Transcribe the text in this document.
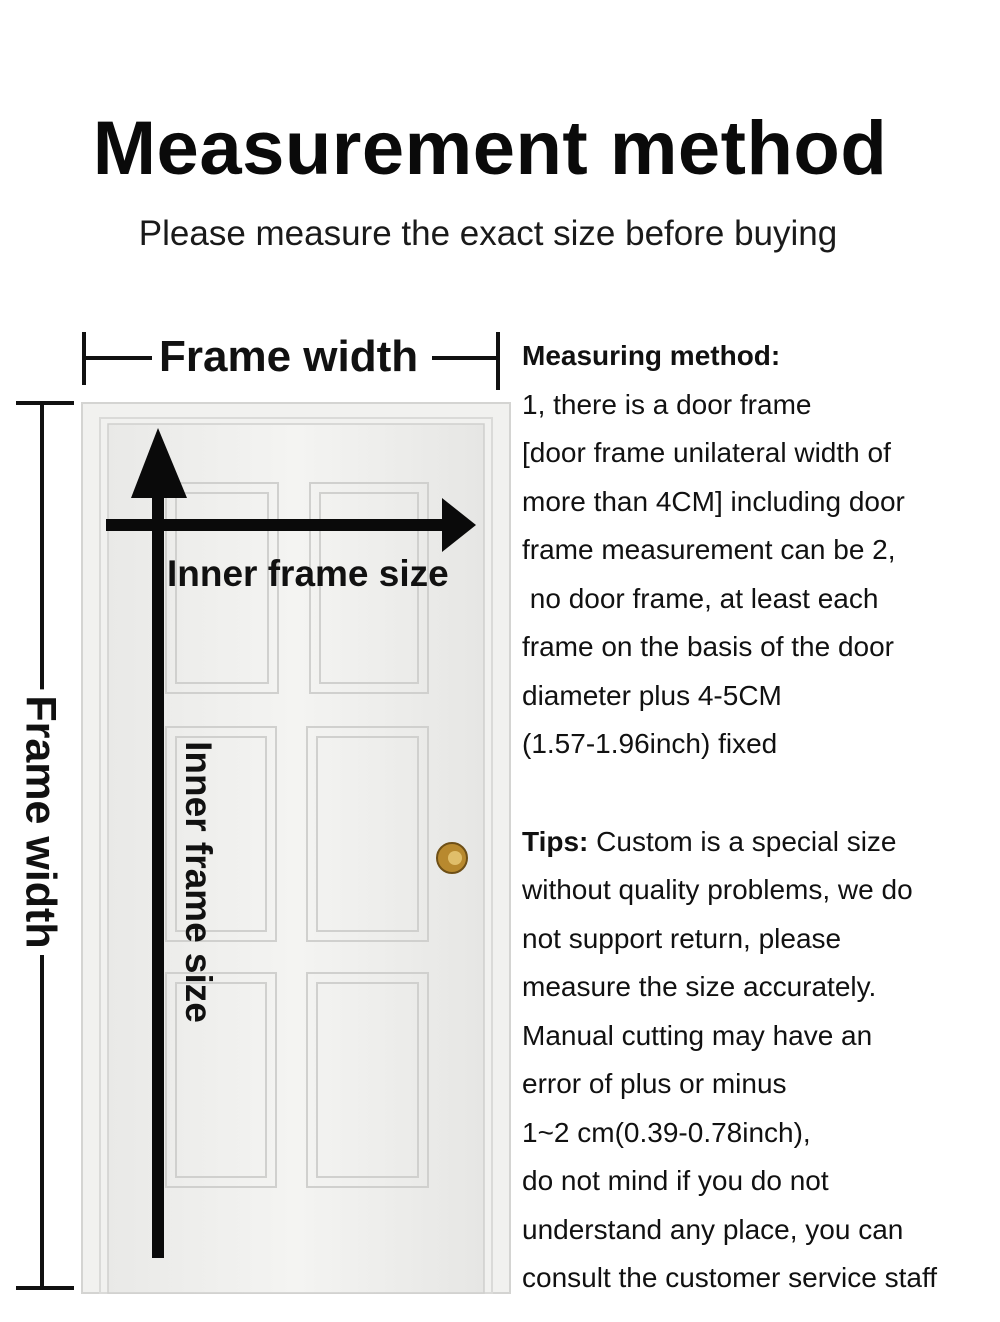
Measurement method
Please measure the exact size before buying
Frame width
Inner frame size
Frame width	Inner frame size
Measuring method:
1, there is a door frame
[door frame unilateral width of
more than 4CM] including door
frame measurement can be 2,
no door frame, at least each
frame on the basis of the door
diameter plus 4-5CM
(1.57-1.96inch) fixed
Tips: Custom is a special size
without quality problems, we do
not support return, please
measure the size accurately.
Manual cutting may have an
error of plus or minus
1~2 cm(0.39-0.78inch),
do not mind if you do not
understand any place, you can
consult the customer service staff
